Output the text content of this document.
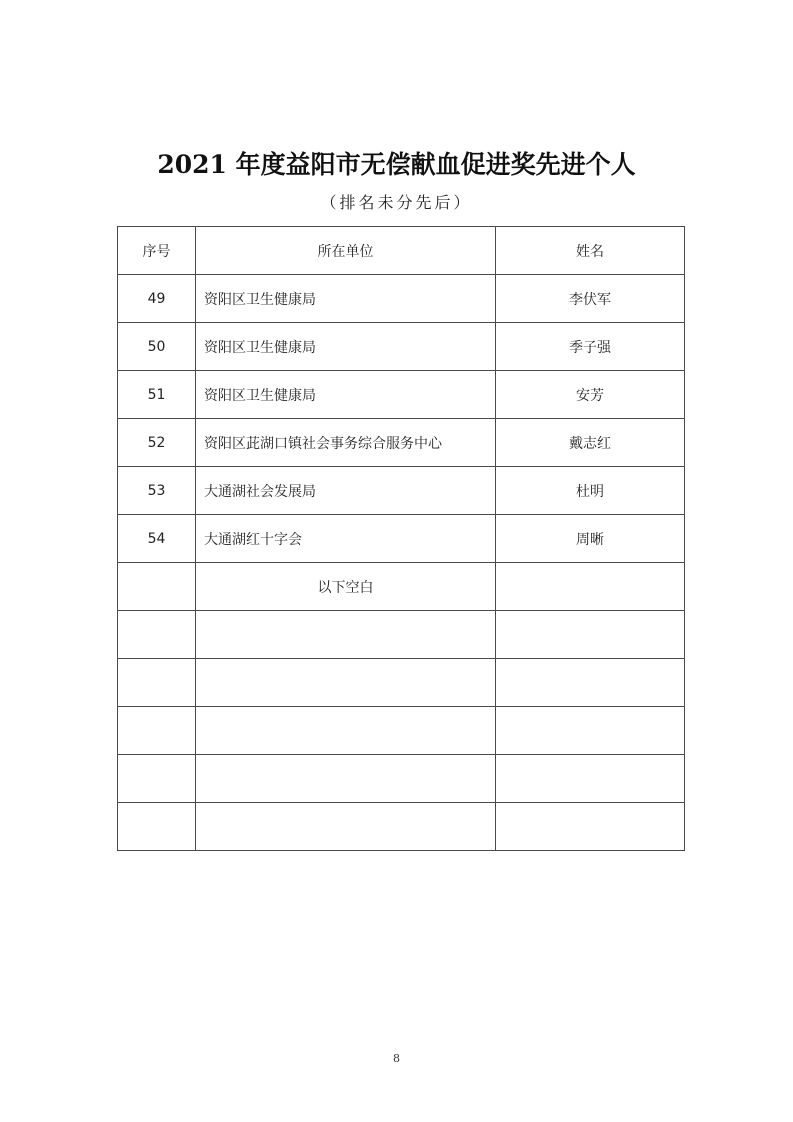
2021 年度益阳市无偿献血促进奖先进个人
（排名未分先后）
序号	所在单位	姓名
49	资阳区卫生健康局	李伏军
50	资阳区卫生健康局	季子强
51	资阳区卫生健康局	安芳
52	资阳区茈湖口镇社会事务综合服务中心	戴志红
53	大通湖社会发展局	杜明
54	大通湖红十字会	周晰
	以下空白	

8
